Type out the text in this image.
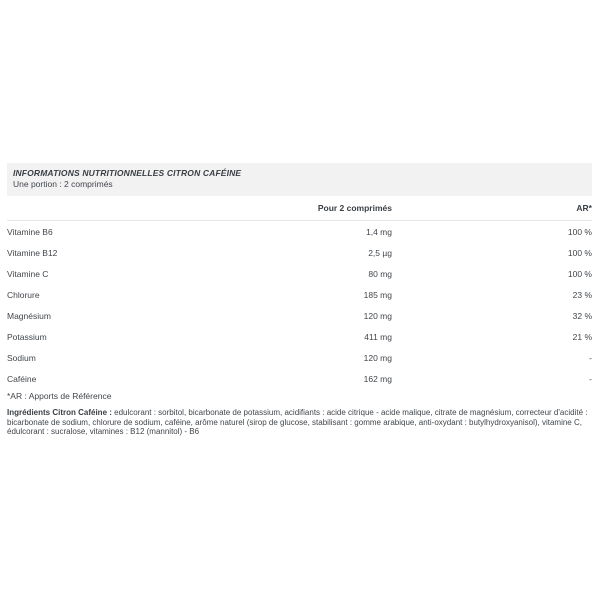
INFORMATIONS NUTRITIONNELLES CITRON CAFÉINE
Une portion : 2 comprimés
Pour 2 comprimés	AR*
Vitamine B6	1,4 mg	100 %
Vitamine B12	2,5 µg	100 %
Vitamine C	80 mg	100 %
Chlorure	185 mg	23 %
Magnésium	120 mg	32 %
Potassium	411 mg	21 %
Sodium	120 mg	-
Caféine	162 mg	-
*AR : Apports de Référence
Ingrédients Citron Caféine : edulcorant : sorbitol, bicarbonate de potassium, acidifiants : acide citrique - acide malique, citrate de magnésium, correcteur d'acidité : bicarbonate de sodium, chlorure de sodium, caféine, arôme naturel (sirop de glucose, stabilisant : gomme arabique, anti-oxydant : butylhydroxyanisol), vitamine C, édulcorant : sucralose, vitamines : B12 (mannitol) - B6
